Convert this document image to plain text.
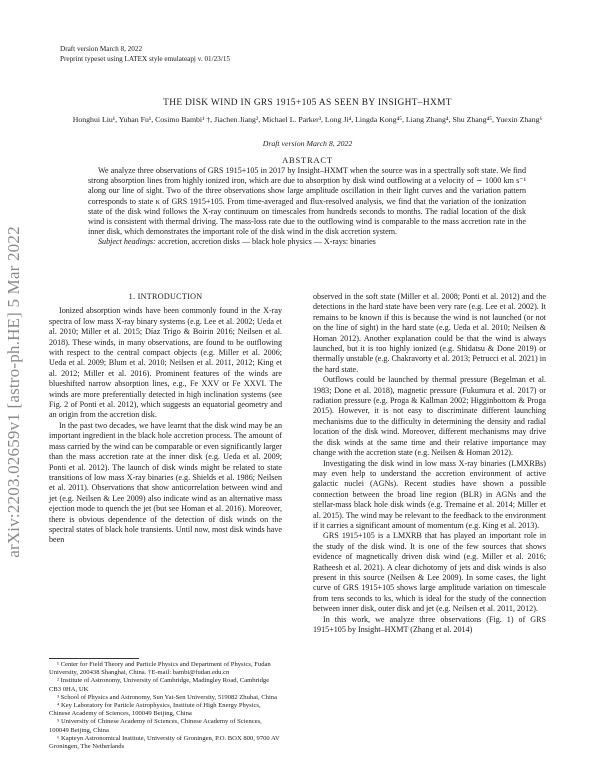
arXiv:2203.02659v1 [astro-ph.HE] 5 Mar 2022
Draft version March 8, 2022
Preprint typeset using LATEX style emulateapj v. 01/23/15
THE DISK WIND IN GRS 1915+105 AS SEEN BY INSIGHT–HXMT
Honghui Liu¹, Yuhan Fu¹, Cosimo Bambi¹ †, Jiachen Jiang², Michael L. Parker³, Long Ji⁴, Lingda Kong⁴⁵, Liang Zhang⁴, Shu Zhang⁴⁵, Yuexin Zhang⁶
Draft version March 8, 2022
ABSTRACT

We analyze three observations of GRS 1915+105 in 2017 by Insight–HXMT when the source was in a spectrally soft state. We find strong absorption lines from highly ionized iron, which are due to absorption by disk wind outflowing at a velocity of ∼ 1000 km s⁻¹ along our line of sight. Two of the three observations show large amplitude oscillation in their light curves and the variation pattern corresponds to state κ of GRS 1915+105. From time-averaged and flux-resolved analysis, we find that the variation of the ionization state of the disk wind follows the X-ray continuum on timescales from hundreds seconds to months. The radial location of the disk wind is consistent with thermal driving. The mass-loss rate due to the outflowing wind is comparable to the mass accretion rate in the inner disk, which demonstrates the important role of the disk wind in the disk accretion system.

Subject headings: accretion, accretion disks — black hole physics — X-rays: binaries

1. INTRODUCTION

Ionized absorption winds have been commonly found in the X-ray spectra of low mass X-ray binary systems (e.g. Lee et al. 2002; Ueda et al. 2010; Miller et al. 2015; Díaz Trigo & Boirin 2016; Neilsen et al. 2018). These winds, in many observations, are found to be outflowing with respect to the central compact objects (e.g. Miller et al. 2006; Ueda et al. 2009; Blum et al. 2010; Neilsen et al. 2011, 2012; King et al. 2012; Miller et al. 2016). Prominent features of the winds are blueshifted narrow absorption lines, e.g., Fe XXV or Fe XXVI. The winds are more preferentially detected in high inclination systems (see Fig. 2 of Ponti et al. 2012), which suggests an equatorial geometry and an origin from the accretion disk.

In the past two decades, we have learnt that the disk wind may be an important ingredient in the black hole accretion process. The amount of mass carried by the wind can be comparable or even significantly larger than the mass accretion rate at the inner disk (e.g. Ueda et al. 2009; Ponti et al. 2012). The launch of disk winds might be related to state transitions of low mass X-ray binaries (e.g. Shields et al. 1986; Neilsen et al. 2011). Observations that show anticorrelation between wind and jet (e.g. Neilsen & Lee 2009) also indicate wind as an alternative mass ejection mode to quench the jet (but see Homan et al. 2016). Moreover, there is obvious dependence of the detection of disk winds on the spectral states of black hole transients. Until now, most disk winds have been

observed in the soft state (Miller et al. 2008; Ponti et al. 2012) and the detections in the hard state have been very rare (e.g. Lee et al. 2002). It remains to be known if this is because the wind is not launched (or not on the line of sight) in the hard state (e.g. Ueda et al. 2010; Neilsen & Homan 2012). Another explanation could be that the wind is always launched, but it is too highly ionized (e.g. Shidatsu & Done 2019) or thermally unstable (e.g. Chakravorty et al. 2013; Petrucci et al. 2021) in the hard state.

Outflows could be launched by thermal pressure (Begelman et al. 1983; Done et al. 2018), magnetic pressure (Fukumura et al. 2017) or radiation pressure (e.g. Proga & Kallman 2002; Higginbottom & Proga 2015). However, it is not easy to discriminate different launching mechanisms due to the difficulty in determining the density and radial location of the disk wind. Moreover, different mechanisms may drive the disk winds at the same time and their relative importance may change with the accretion state (e.g. Neilsen & Homan 2012).

Investigating the disk wind in low mass X-ray binaries (LMXRBs) may even help to understand the accretion environment of active galactic nuclei (AGNs). Recent studies have shown a possible connection between the broad line region (BLR) in AGNs and the stellar-mass black hole disk winds (e.g. Tremaine et al. 2014; Miller et al. 2015). The wind may be relevant to the feedback to the environment if it carries a significant amount of momentum (e.g. King et al. 2013).

GRS 1915+105 is a LMXRB that has played an important role in the study of the disk wind. It is one of the few sources that shows evidence of magnetically driven disk wind (e.g. Miller et al. 2016; Ratheesh et al. 2021). A clear dichotomy of jets and disk winds is also present in this source (Neilsen & Lee 2009). In some cases, the light curve of GRS 1915+105 shows large amplitude variation on timescale from tens seconds to ks, which is ideal for the study of the connection between inner disk, outer disk and jet (e.g. Neilsen et al. 2011, 2012).

In this work, we analyze three observations (Fig. 1) of GRS 1915+105 by Insight–HXMT (Zhang et al. 2014)

¹ Center for Field Theory and Particle Physics and Department of Physics, Fudan University, 200438 Shanghai, China. †E-mail: bambi@fudan.edu.cn
² Institute of Astronomy, University of Cambridge, Madingley Road, Cambridge CB3 0HA, UK
³ School of Physics and Astronomy, Sun Yat-Sen University, 519082 Zhuhai, China
⁴ Key Laboratory for Particle Astrophysics, Institute of High Energy Physics, Chinese Academy of Sciences, 100049 Beijing, China
⁵ University of Chinese Academy of Sciences, Chinese Academy of Sciences, 100049 Beijing, China
⁶ Kapteyn Astronomical Institute, University of Groningen, P.O. BOX 800, 9700 AV Groningen, The Netherlands
